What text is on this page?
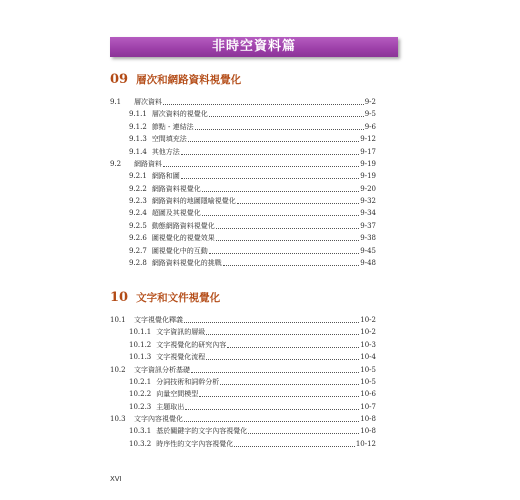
非時空資料篇
09 層次和網路資料視覺化
9.1	層次資料	9-2
9.1.1 層次資料的視覺化	9-5
9.1.2 節點 - 連結法	9-6
9.1.3 空間填充法	9-12
9.1.4 其他方法	9-17
9.2	網路資料	9-19
9.2.1 網路和圖	9-19
9.2.2 網路資料視覺化	9-20
9.2.3 網路資料的地圖隱喻視覺化	9-32
9.2.4 超圖及其視覺化	9-34
9.2.5 動態網路資料視覺化	9-37
9.2.6 圖視覺化的視覺效果	9-38
9.2.7 圖視覺化中的互動	9-45
9.2.8 網路資料視覺化的挑戰	9-48
10 文字和文件視覺化
10.1	文字視覺化釋義	10-2
10.1.1 文字資訊的層級	10-2
10.1.2 文字視覺化的研究內容	10-3
10.1.3 文字視覺化流程	10-4
10.2	文字資訊分析基礎	10-5
10.2.1 分詞技術和詞幹分析	10-5
10.2.2 向量空間模型	10-6
10.2.3 主題取出	10-7
10.3	文字內容視覺化	10-8
10.3.1 基於關鍵字的文字內容視覺化	10-8
10.3.2 時序性的文字內容視覺化	10-12
XVI
